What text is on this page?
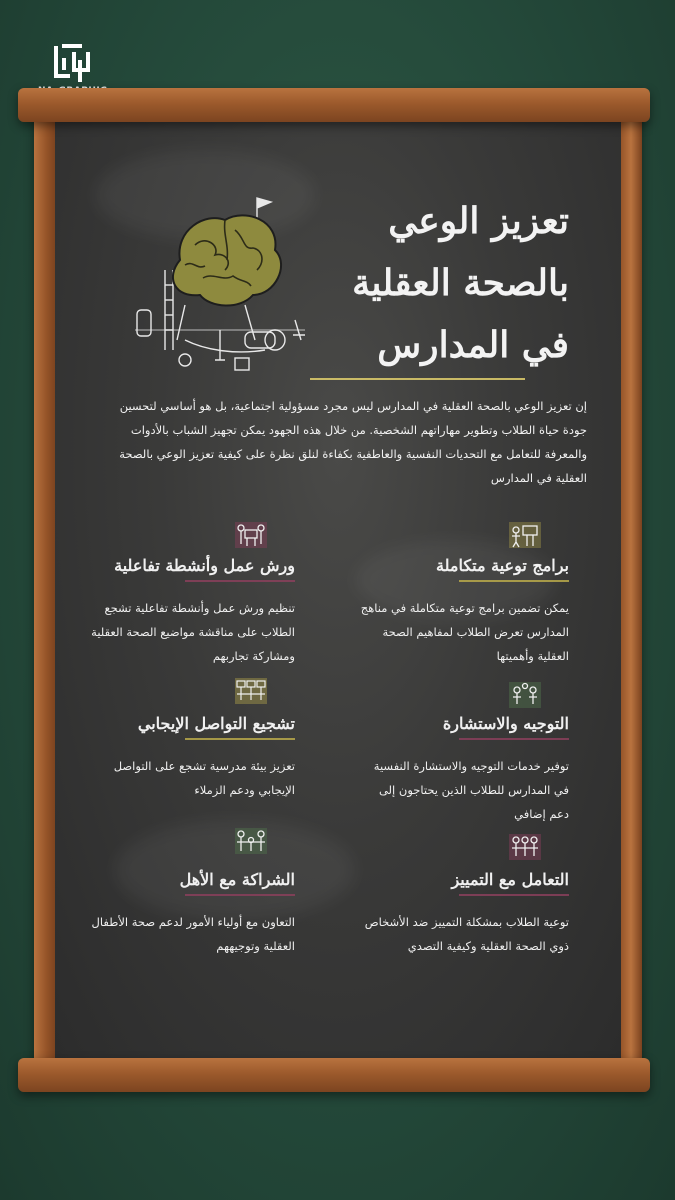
تعزيز الوعي
بالصحة العقلية
في المدارس
إن تعزيز الوعي بالصحة العقلية في المدارس ليس مجرد مسؤولية اجتماعية، بل هو أساسي لتحسين جودة حياة الطلاب وتطوير مهاراتهم الشخصية. من خلال هذه الجهود يمكن تجهيز الشباب بالأدوات والمعرفة للتعامل مع التحديات النفسية والعاطفية بكفاءة لنلق نظرة على كيفية تعزيز الوعي بالصحة العقلية في المدارس
برامج توعية متكاملة
يمكن تضمين برامج توعية متكاملة في مناهج المدارس تعرض الطلاب لمفاهيم الصحة العقلية وأهميتها
ورش عمل وأنشطة تفاعلية
تنظيم ورش عمل وأنشطة تفاعلية تشجع الطلاب على مناقشة مواضيع الصحة العقلية ومشاركة تجاربهم
التوجيه والاستشارة
توفير خدمات التوجيه والاستشارة النفسية في المدارس للطلاب الذين يحتاجون إلى دعم إضافي
تشجيع التواصل الإيجابي
تعزيز بيئة مدرسية تشجع على التواصل الإيجابي ودعم الزملاء
التعامل مع التمييز
توعية الطلاب بمشكلة التمييز ضد الأشخاص ذوي الصحة العقلية وكيفية التصدي
الشراكة مع الأهل
التعاون مع أولياء الأمور لدعم صحة الأطفال العقلية وتوجيههم
